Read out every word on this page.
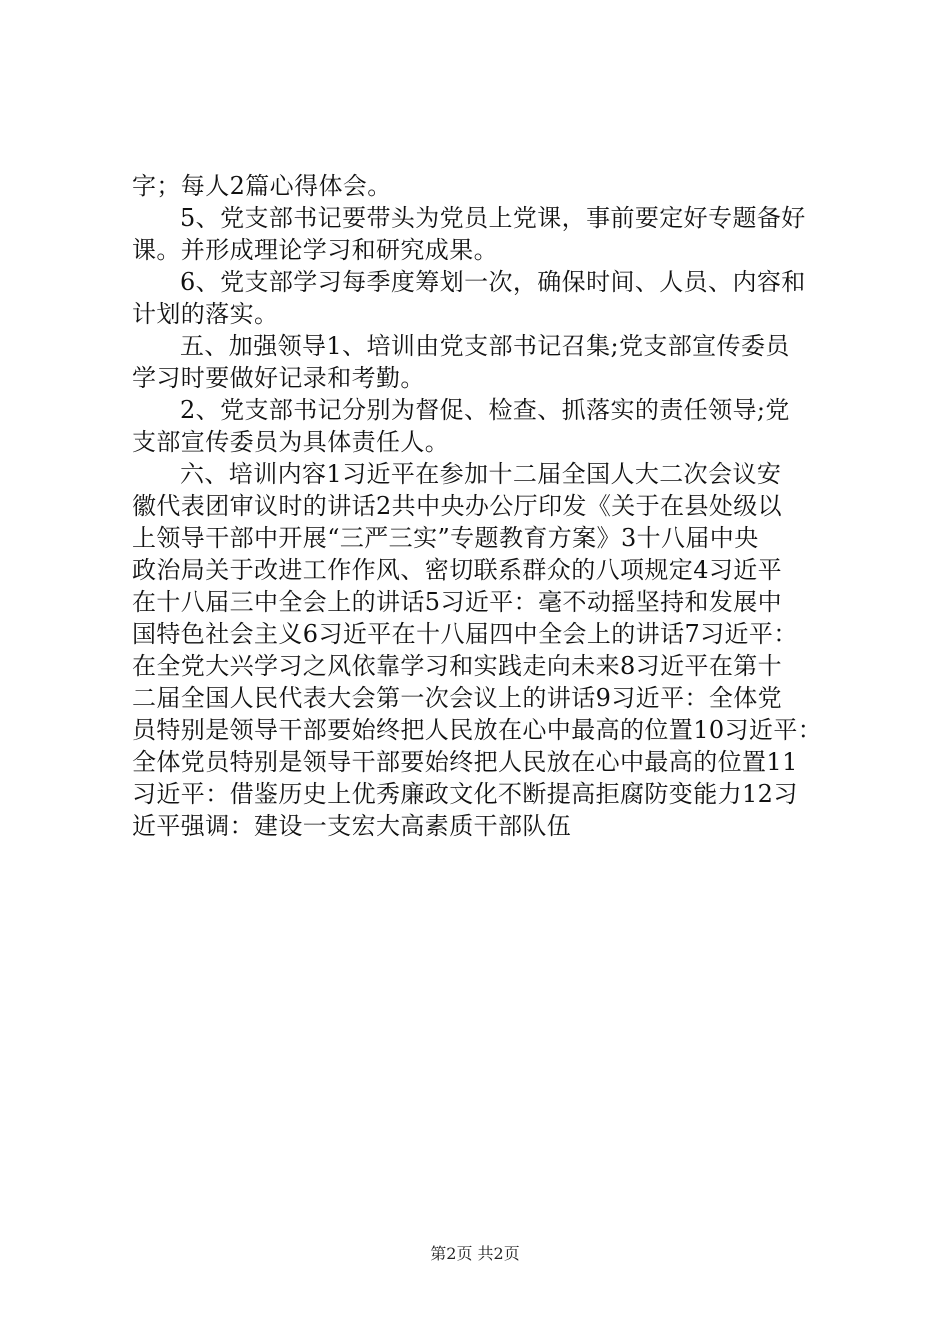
字；每人2篇心得体会。
5、党支部书记要带头为党员上党课，事前要定好专题备好
课。并形成理论学习和研究成果。
6、党支部学习每季度筹划一次，确保时间、人员、内容和
计划的落实。
五、加强领导1、培训由党支部书记召集;党支部宣传委员
学习时要做好记录和考勤。
2、党支部书记分别为督促、检查、抓落实的责任领导;党
支部宣传委员为具体责任人。
六、培训内容1习近平在参加十二届全国人大二次会议安
徽代表团审议时的讲话2共中央办公厅印发《关于在县处级以
上领导干部中开展“三严三实”专题教育方案》3十八届中央
政治局关于改进工作作风、密切联系群众的八项规定4习近平
在十八届三中全会上的讲话5习近平：毫不动摇坚持和发展中
国特色社会主义6习近平在十八届四中全会上的讲话7习近平：
在全党大兴学习之风依靠学习和实践走向未来8习近平在第十
二届全国人民代表大会第一次会议上的讲话9习近平：全体党
员特别是领导干部要始终把人民放在心中最高的位置10习近平：
全体党员特别是领导干部要始终把人民放在心中最高的位置11
习近平：借鉴历史上优秀廉政文化不断提高拒腐防变能力12习
近平强调：建设一支宏大高素质干部队伍
第2页 共2页
